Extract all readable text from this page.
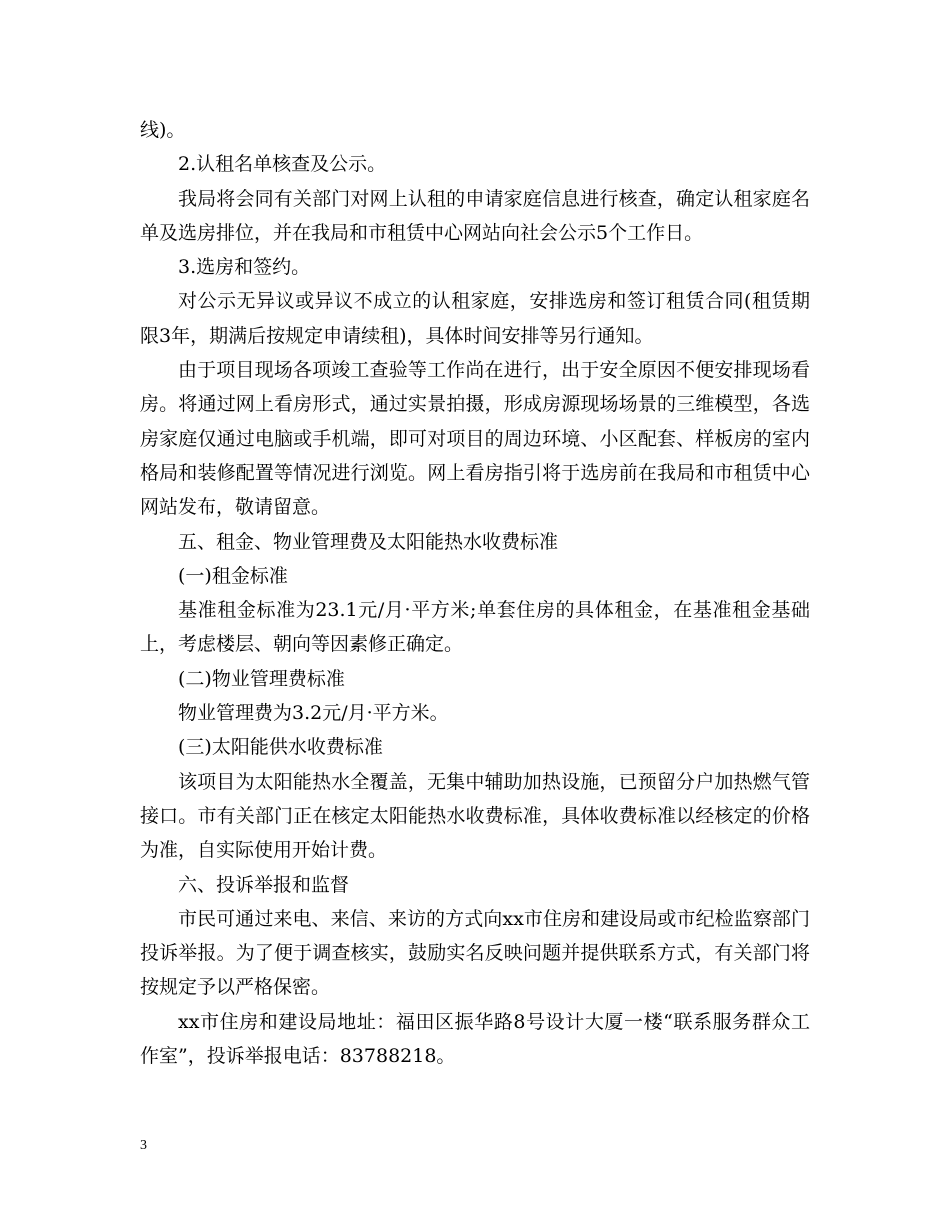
线)。

2.认租名单核查及公示。

我局将会同有关部门对网上认租的申请家庭信息进行核查，确定认租家庭名单及选房排位，并在我局和市租赁中心网站向社会公示5个工作日。

3.选房和签约。

对公示无异议或异议不成立的认租家庭，安排选房和签订租赁合同(租赁期限3年，期满后按规定申请续租)，具体时间安排等另行通知。

由于项目现场各项竣工查验等工作尚在进行，出于安全原因不便安排现场看房。将通过网上看房形式，通过实景拍摄，形成房源现场场景的三维模型，各选房家庭仅通过电脑或手机端，即可对项目的周边环境、小区配套、样板房的室内格局和装修配置等情况进行浏览。网上看房指引将于选房前在我局和市租赁中心网站发布，敬请留意。

五、租金、物业管理费及太阳能热水收费标准

(一)租金标准

基准租金标准为23.1元/月·平方米;单套住房的具体租金，在基准租金基础上，考虑楼层、朝向等因素修正确定。

(二)物业管理费标准

物业管理费为3.2元/月·平方米。

(三)太阳能供水收费标准

该项目为太阳能热水全覆盖，无集中辅助加热设施，已预留分户加热燃气管接口。市有关部门正在核定太阳能热水收费标准，具体收费标准以经核定的价格为准，自实际使用开始计费。

六、投诉举报和监督

市民可通过来电、来信、来访的方式向xx市住房和建设局或市纪检监察部门投诉举报。为了便于调查核实，鼓励实名反映问题并提供联系方式，有关部门将按规定予以严格保密。

xx市住房和建设局地址：福田区振华路8号设计大厦一楼“联系服务群众工作室”，投诉举报电话：83788218。

3
